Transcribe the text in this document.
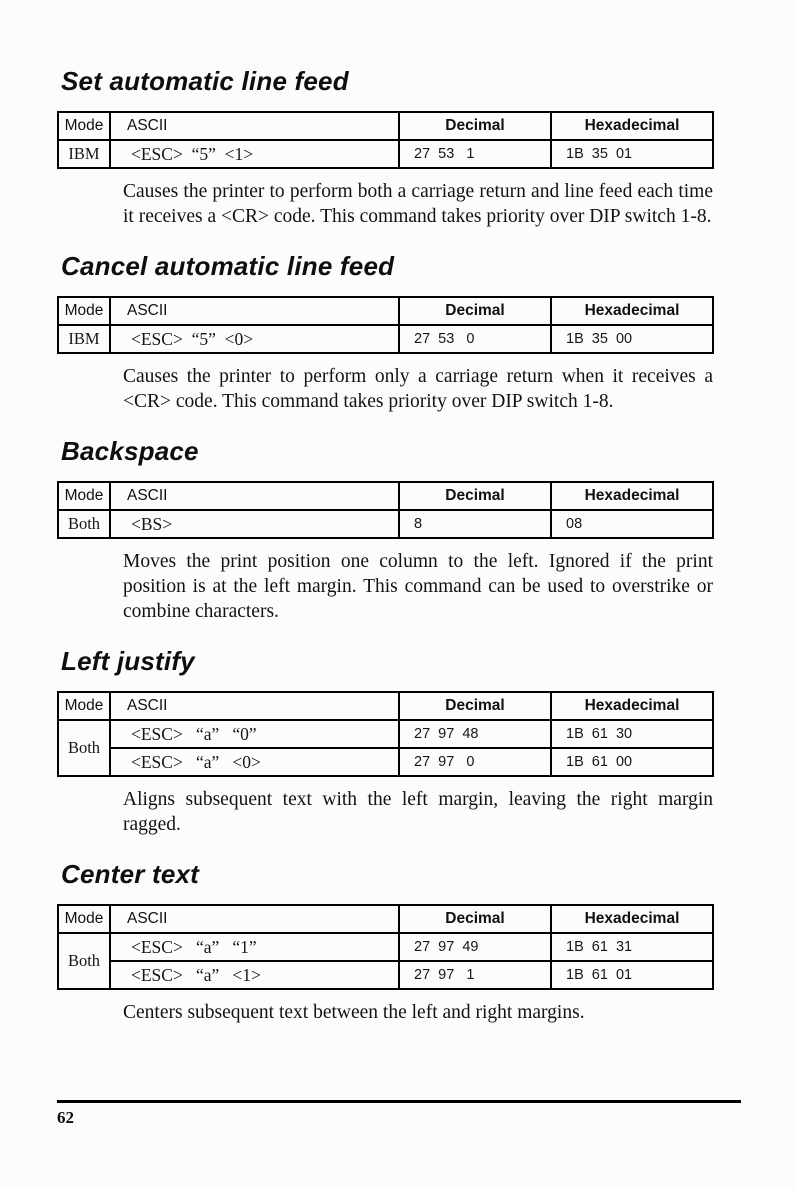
Set automatic line feed
Mode	ASCII	Decimal	Hexadecimal
IBM	<ESC>  “5”  <1>	27  53   1	1B  35  01

Causes the printer to perform both a carriage return and line feed each time it receives a <CR> code. This command takes priority over DIP switch 1-8.

Cancel automatic line feed
Mode	ASCII	Decimal	Hexadecimal
IBM	<ESC>  “5”  <0>	27  53   0	1B  35  00

Causes the printer to perform only a carriage return when it receives a <CR> code. This command takes priority over DIP switch 1-8.

Backspace
Mode	ASCII	Decimal	Hexadecimal
Both	<BS>	8	08

Moves the print position one column to the left. Ignored if the print position is at the left margin. This command can be used to overstrike or combine characters.

Left justify
Mode	ASCII	Decimal	Hexadecimal
Both	<ESC>   “a”   “0”	27  97  48	1B  61  30
	<ESC>   “a”   <0>	27  97   0	1B  61  00

Aligns subsequent text with the left margin, leaving the right margin ragged.

Center text
Mode	ASCII	Decimal	Hexadecimal
Both	<ESC>   “a”   “1”	27  97  49	1B  61  31
	<ESC>   “a”   <1>	27  97   1	1B  61  01

Centers subsequent text between the left and right margins.

62
